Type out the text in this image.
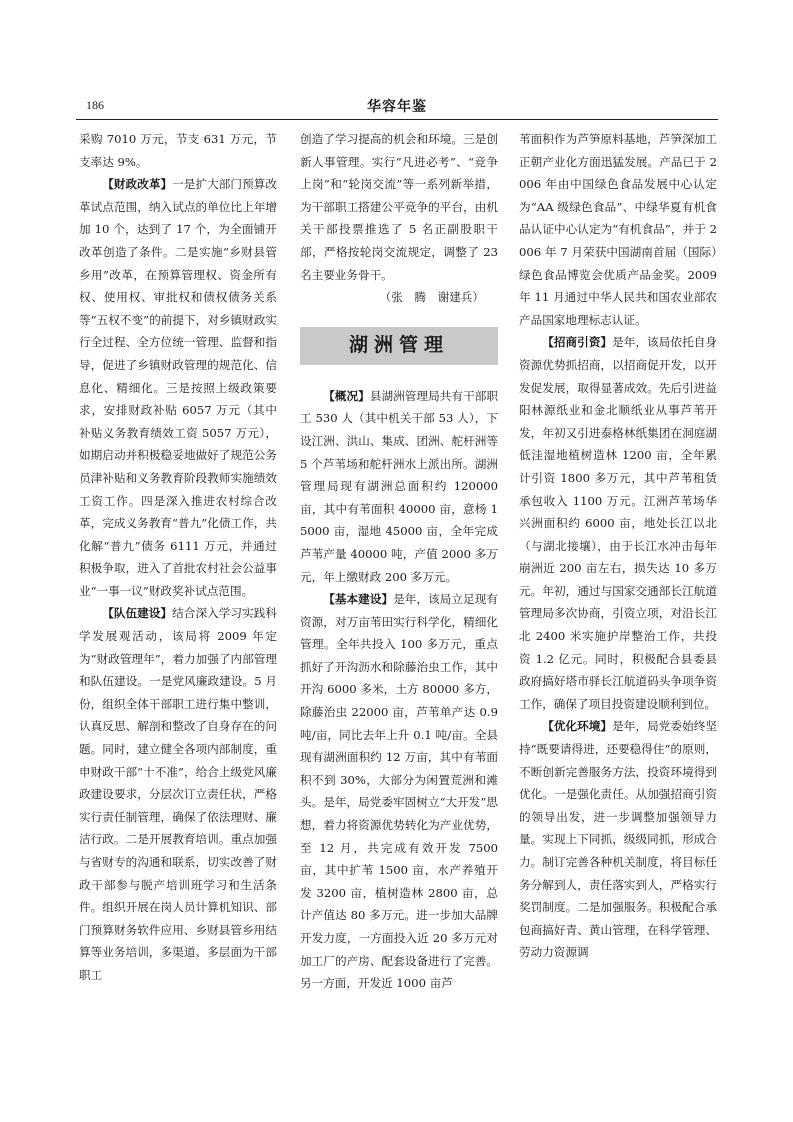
186	华容年鉴

采购 7010 万元，节支 631 万元，节支率达 9%。

【财政改革】一是扩大部门预算改革试点范围，纳入试点的单位比上年增加 10 个，达到了 17 个，为全面铺开改革创造了条件。二是实施“乡财县管乡用”改革，在预算管理权、资金所有权、使用权、审批权和债权债务关系等“五权不变”的前提下，对乡镇财政实行全过程、全方位统一管理、监督和指导，促进了乡镇财政管理的规范化、信息化、精细化。三是按照上级政策要求，安排财政补贴 6057 万元（其中补贴义务教育绩效工资 5057 万元），如期启动并积极稳妥地做好了规范公务员津补贴和义务教育阶段教师实施绩效工资工作。四是深入推进农村综合改革，完成义务教育“普九”化债工作，共化解“普九”债务 6111 万元，并通过积极争取，进入了首批农村社会公益事业“一事一议”财政奖补试点范围。

【队伍建设】结合深入学习实践科学发展观活动，该局将 2009 年定为“财政管理年”，着力加强了内部管理和队伍建设。一是党风廉政建设。5 月份，组织全体干部职工进行集中整训，认真反思、解剖和整改了自身存在的问题。同时，建立健全各项内部制度，重申财政干部“十不准”，给合上级党风廉政建设要求，分层次订立责任状，严格实行责任制管理，确保了依法理财、廉洁行政。二是开展教育培训。重点加强与省财专的沟通和联系，切实改善了财政干部参与脱产培训班学习和生活条件。组织开展在岗人员计算机知识、部门预算财务软件应用、乡财县管乡用结算等业务培训，多渠道、多层面为干部职工

创造了学习提高的机会和环境。三是创新人事管理。实行“凡进必考”、“竞争上岗”和“轮岗交流”等一系列新举措，为干部职工搭建公平竞争的平台，由机关干部投票推选了 5 名正副股职干部，严格按轮岗交流规定，调整了 23 名主要业务骨干。

（张　腾　谢建兵）

湖洲管理

【概况】县湖洲管理局共有干部职工 530 人（其中机关干部 53 人），下设江洲、洪山、集成、团洲、舵杆洲等 5 个芦苇场和舵杆洲水上派出所。湖洲管理局现有湖洲总面积约 120000 亩，其中有苇面积 40000 亩，意杨 15000 亩，湿地 45000 亩，全年完成芦苇产量 40000 吨，产值 2000 多万元，年上缴财政 200 多万元。

【基本建设】是年，该局立足现有资源，对万亩苇田实行科学化，精细化管理。全年共投入 100 多万元，重点抓好了开沟沥水和除藤治虫工作，其中开沟 6000 多米，土方 80000 多方，除藤治虫 22000 亩，芦苇单产达 0.9 吨/亩，同比去年上升 0.1 吨/亩。全县现有湖洲面积约 12 万亩，其中有苇面积不到 30%，大部分为闲置荒洲和滩头。是年，局党委牢固树立“大开发”思想，着力将资源优势转化为产业优势，至 12 月，共完成有效开发 7500 亩，其中扩苇 1500 亩，水产养殖开发 3200 亩，植树造林 2800 亩，总计产值达 80 多万元。进一步加大品牌开发力度，一方面投入近 20 多万元对加工厂的产房、配套设备进行了完善。另一方面，开发近 1000 亩芦

苇面积作为芦笋原料基地，芦笋深加工正朝产业化方面迅猛发展。产品已于 2006 年由中国绿色食品发展中心认定为“AA 级绿色食品”、中绿华夏有机食品认证中心认定为“有机食品”，并于 2006 年 7 月荣获中国湖南首届（国际）绿色食品博览会优质产品金奖。2009 年 11 月通过中华人民共和国农业部农产品国家地理标志认证。

【招商引资】是年，该局依托自身资源优势抓招商，以招商促开发，以开发促发展，取得显著成效。先后引进益阳林源纸业和金北顺纸业从事芦苇开发，年初又引进泰格林纸集团在洞庭湖低洼湿地植树造林 1200 亩，全年累计引资 1800 多万元，其中芦苇租赁承包收入 1100 万元。江洲芦苇场华兴洲面积约 6000 亩，地处长江以北（与湖北接壤），由于长江水冲击每年崩洲近 200 亩左右，损失达 10 多万元。年初，通过与国家交通部长江航道管理局多次协商，引资立项，对沿长江北 2400 米实施护岸整治工作，共投资 1.2 亿元。同时，积极配合县委县政府搞好塔市驿长江航道码头争项争资工作，确保了项目投资建设顺利到位。

【优化环境】是年，局党委始终坚持“既要请得进，还要稳得住”的原则，不断创新完善服务方法，投资环境得到优化。一是强化责任。从加强招商引资的领导出发，进一步调整加强领导力量。实现上下同抓，级级同抓，形成合力。制订完善各种机关制度，将目标任务分解到人，责任落实到人，严格实行奖罚制度。二是加强服务。积极配合承包商搞好青、黄山管理，在科学管理、劳动力资源调
